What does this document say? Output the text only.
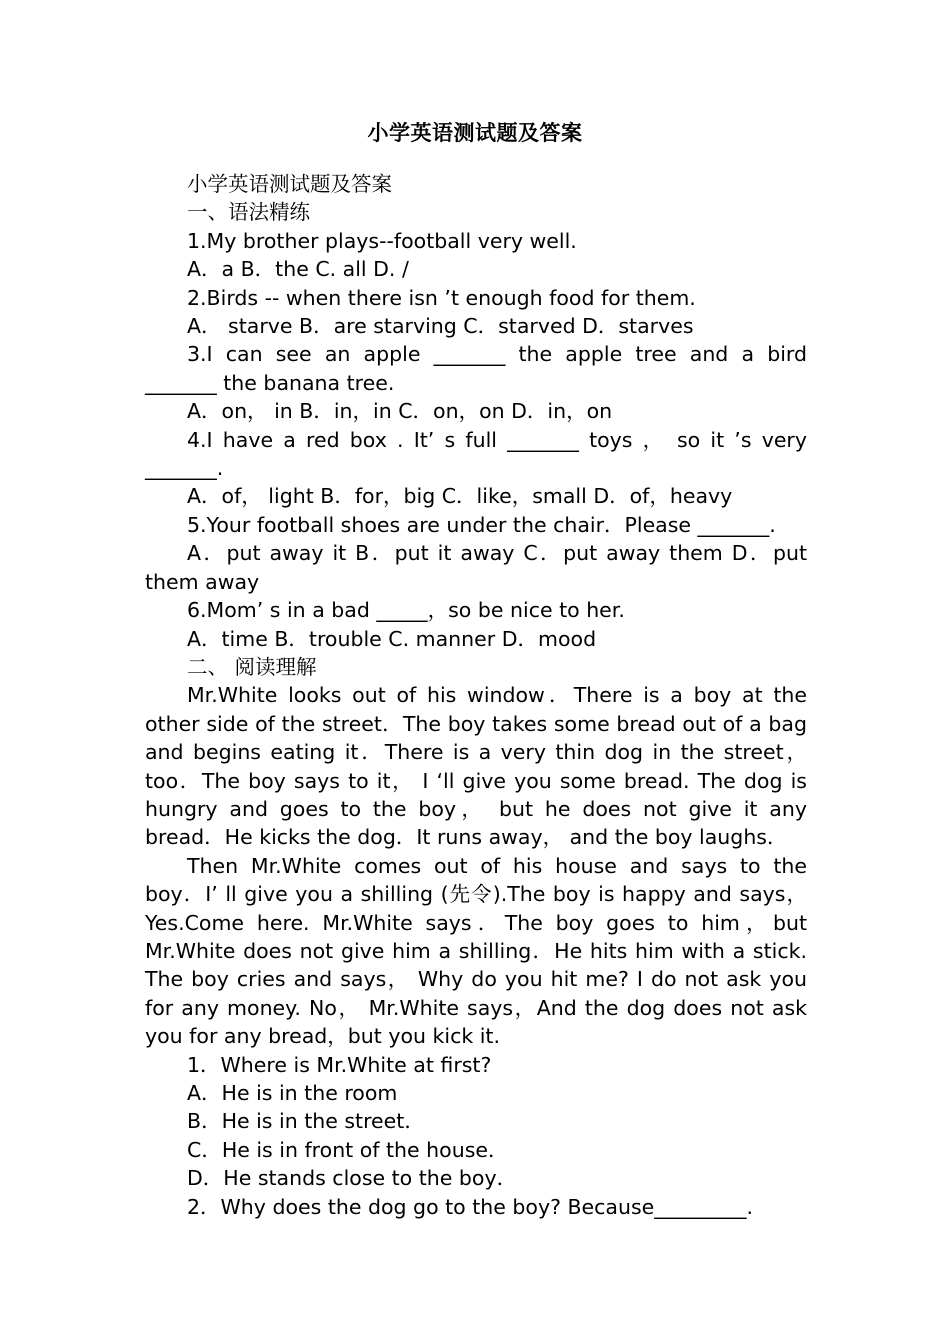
小学英语测试题及答案

小学英语测试题及答案

一、语法精练

1.My brother plays--football very well.

A．a B．the C. all D. /

2.Birds -- when there isn ’t enough food for them.

A． starve B．are starving C．starved D．starves

3.I can see an apple _______ the apple tree and a bird _______ the banana tree.

A．on， in B．in，in C．on，on D．in，on

4.I have a red box . It’ s full _______ toys ， so it ’s very _______.

A．of， light B．for，big C．like，small D．of，heavy

5.Your football shoes are under the chair．Please _______.

A．put away it B．put it away C．put away them D．put them away

6.Mom’ s in a bad _____，so be nice to her.

A．time B．trouble C. manner D．mood

二、 阅读理解

Mr.White looks out of his window．There is a boy at the other side of the street．The boy takes some bread out of a bag and begins eating it．There is a very thin dog in the street，too．The boy says to it， I ‘ll give you some bread. The dog is hungry and goes to the boy， but he does not give it any bread．He kicks the dog．It runs away， and the boy laughs．

Then Mr.White comes out of his house and says to the boy．I’ ll give you a shilling (先令).The boy is happy and says，Yes.Come here. Mr.White says．The boy goes to him，but Mr.White does not give him a shilling．He hits him with a stick. The boy cries and says， Why do you hit me? I do not ask you for any money. No， Mr.White says，And the dog does not ask you for any bread，but you kick it.

1．Where is Mr.White at first?

A．He is in the room

B．He is in the street．

C．He is in front of the house．

D．He stands close to the boy．

2．Why does the dog go to the boy? Because_________.
